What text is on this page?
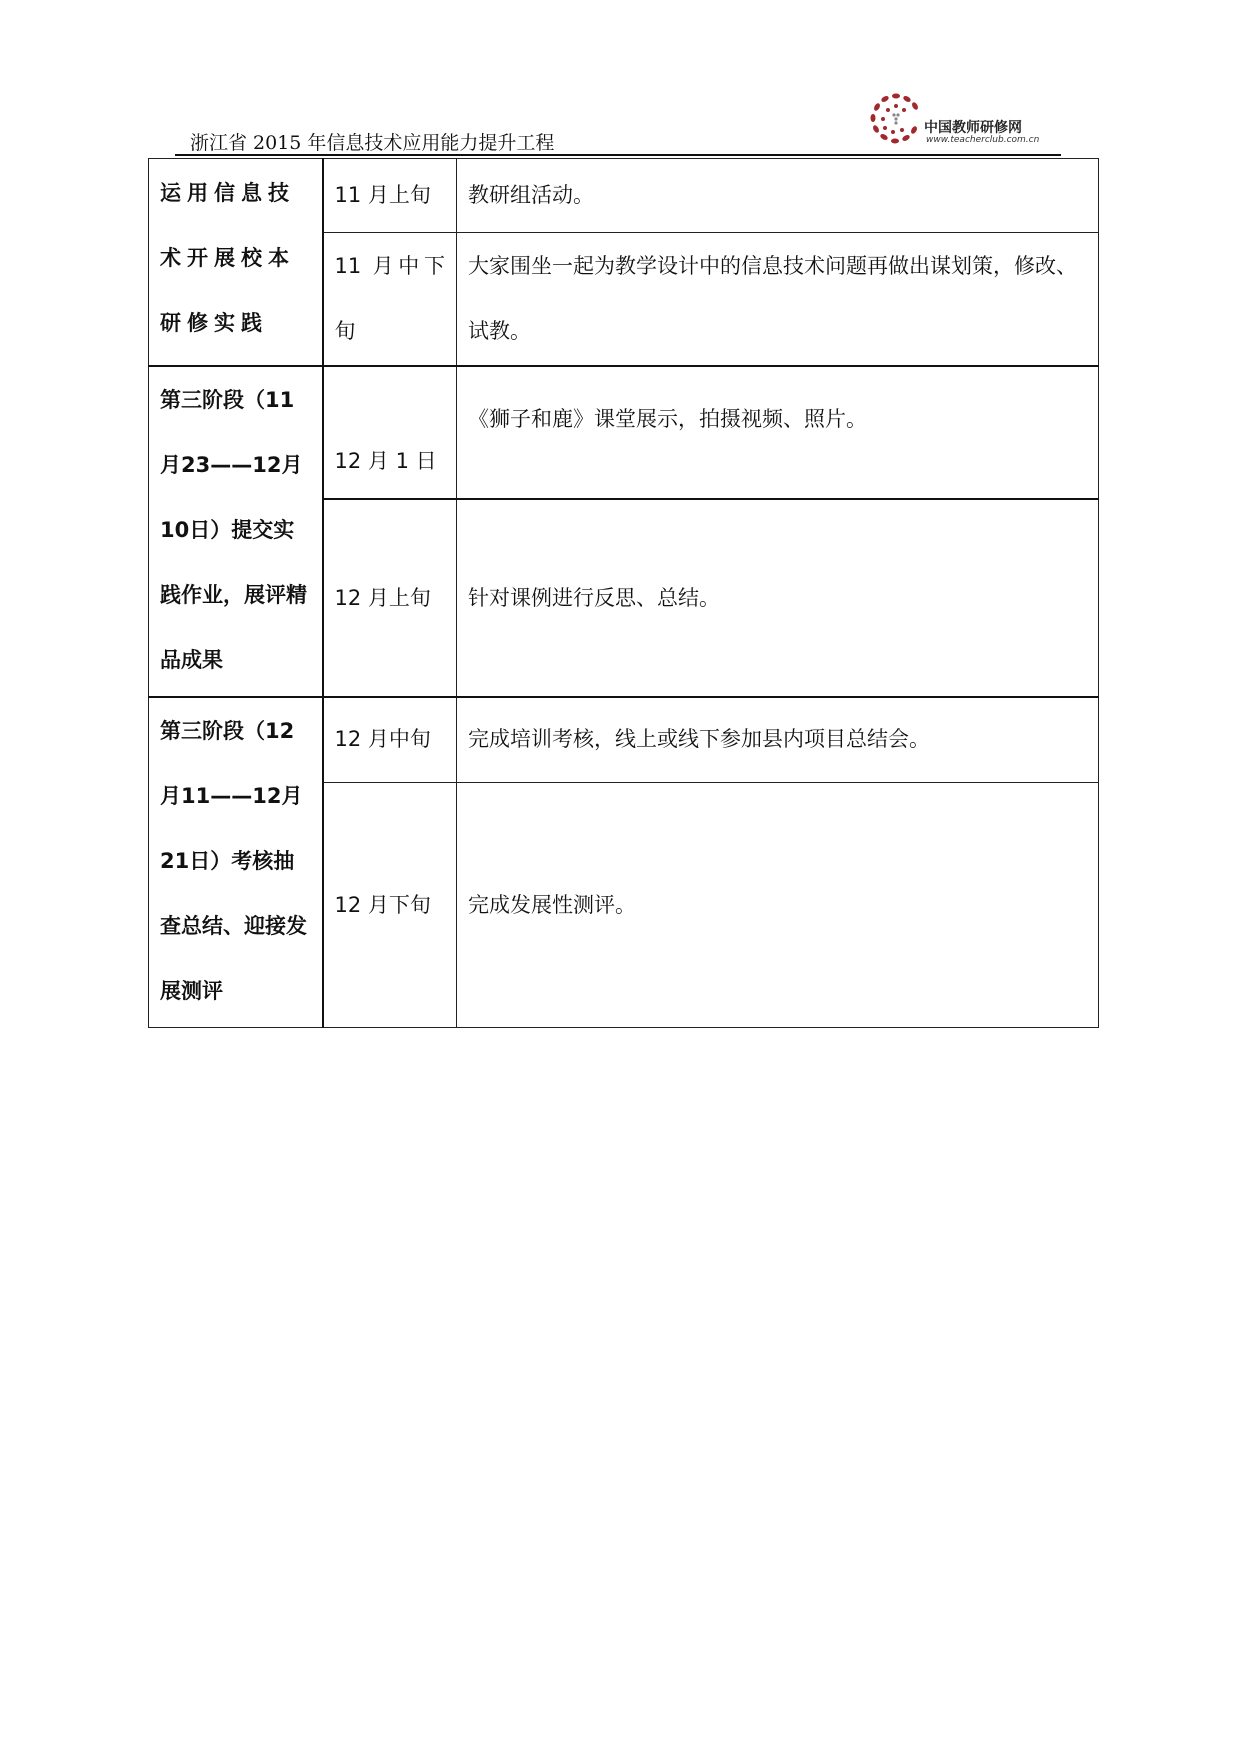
浙江省 2015 年信息技术应用能力提升工程
中国教师研修网
www.teacherclub.com.cn
运用信息技术开展校本研修实践	11 月上旬	教研组活动。
	11 月中下旬	大家围坐一起为教学设计中的信息技术问题再做出谋划策，修改、试教。
第三阶段（11月23——12月10日）提交实践作业，展评精品成果	12 月 1 日	《狮子和鹿》课堂展示，拍摄视频、照片。
	12 月上旬	针对课例进行反思、总结。
第三阶段（12月11——12月21日）考核抽查总结、迎接发展测评	12 月中旬	完成培训考核，线上或线下参加县内项目总结会。
	12 月下旬	完成发展性测评。
